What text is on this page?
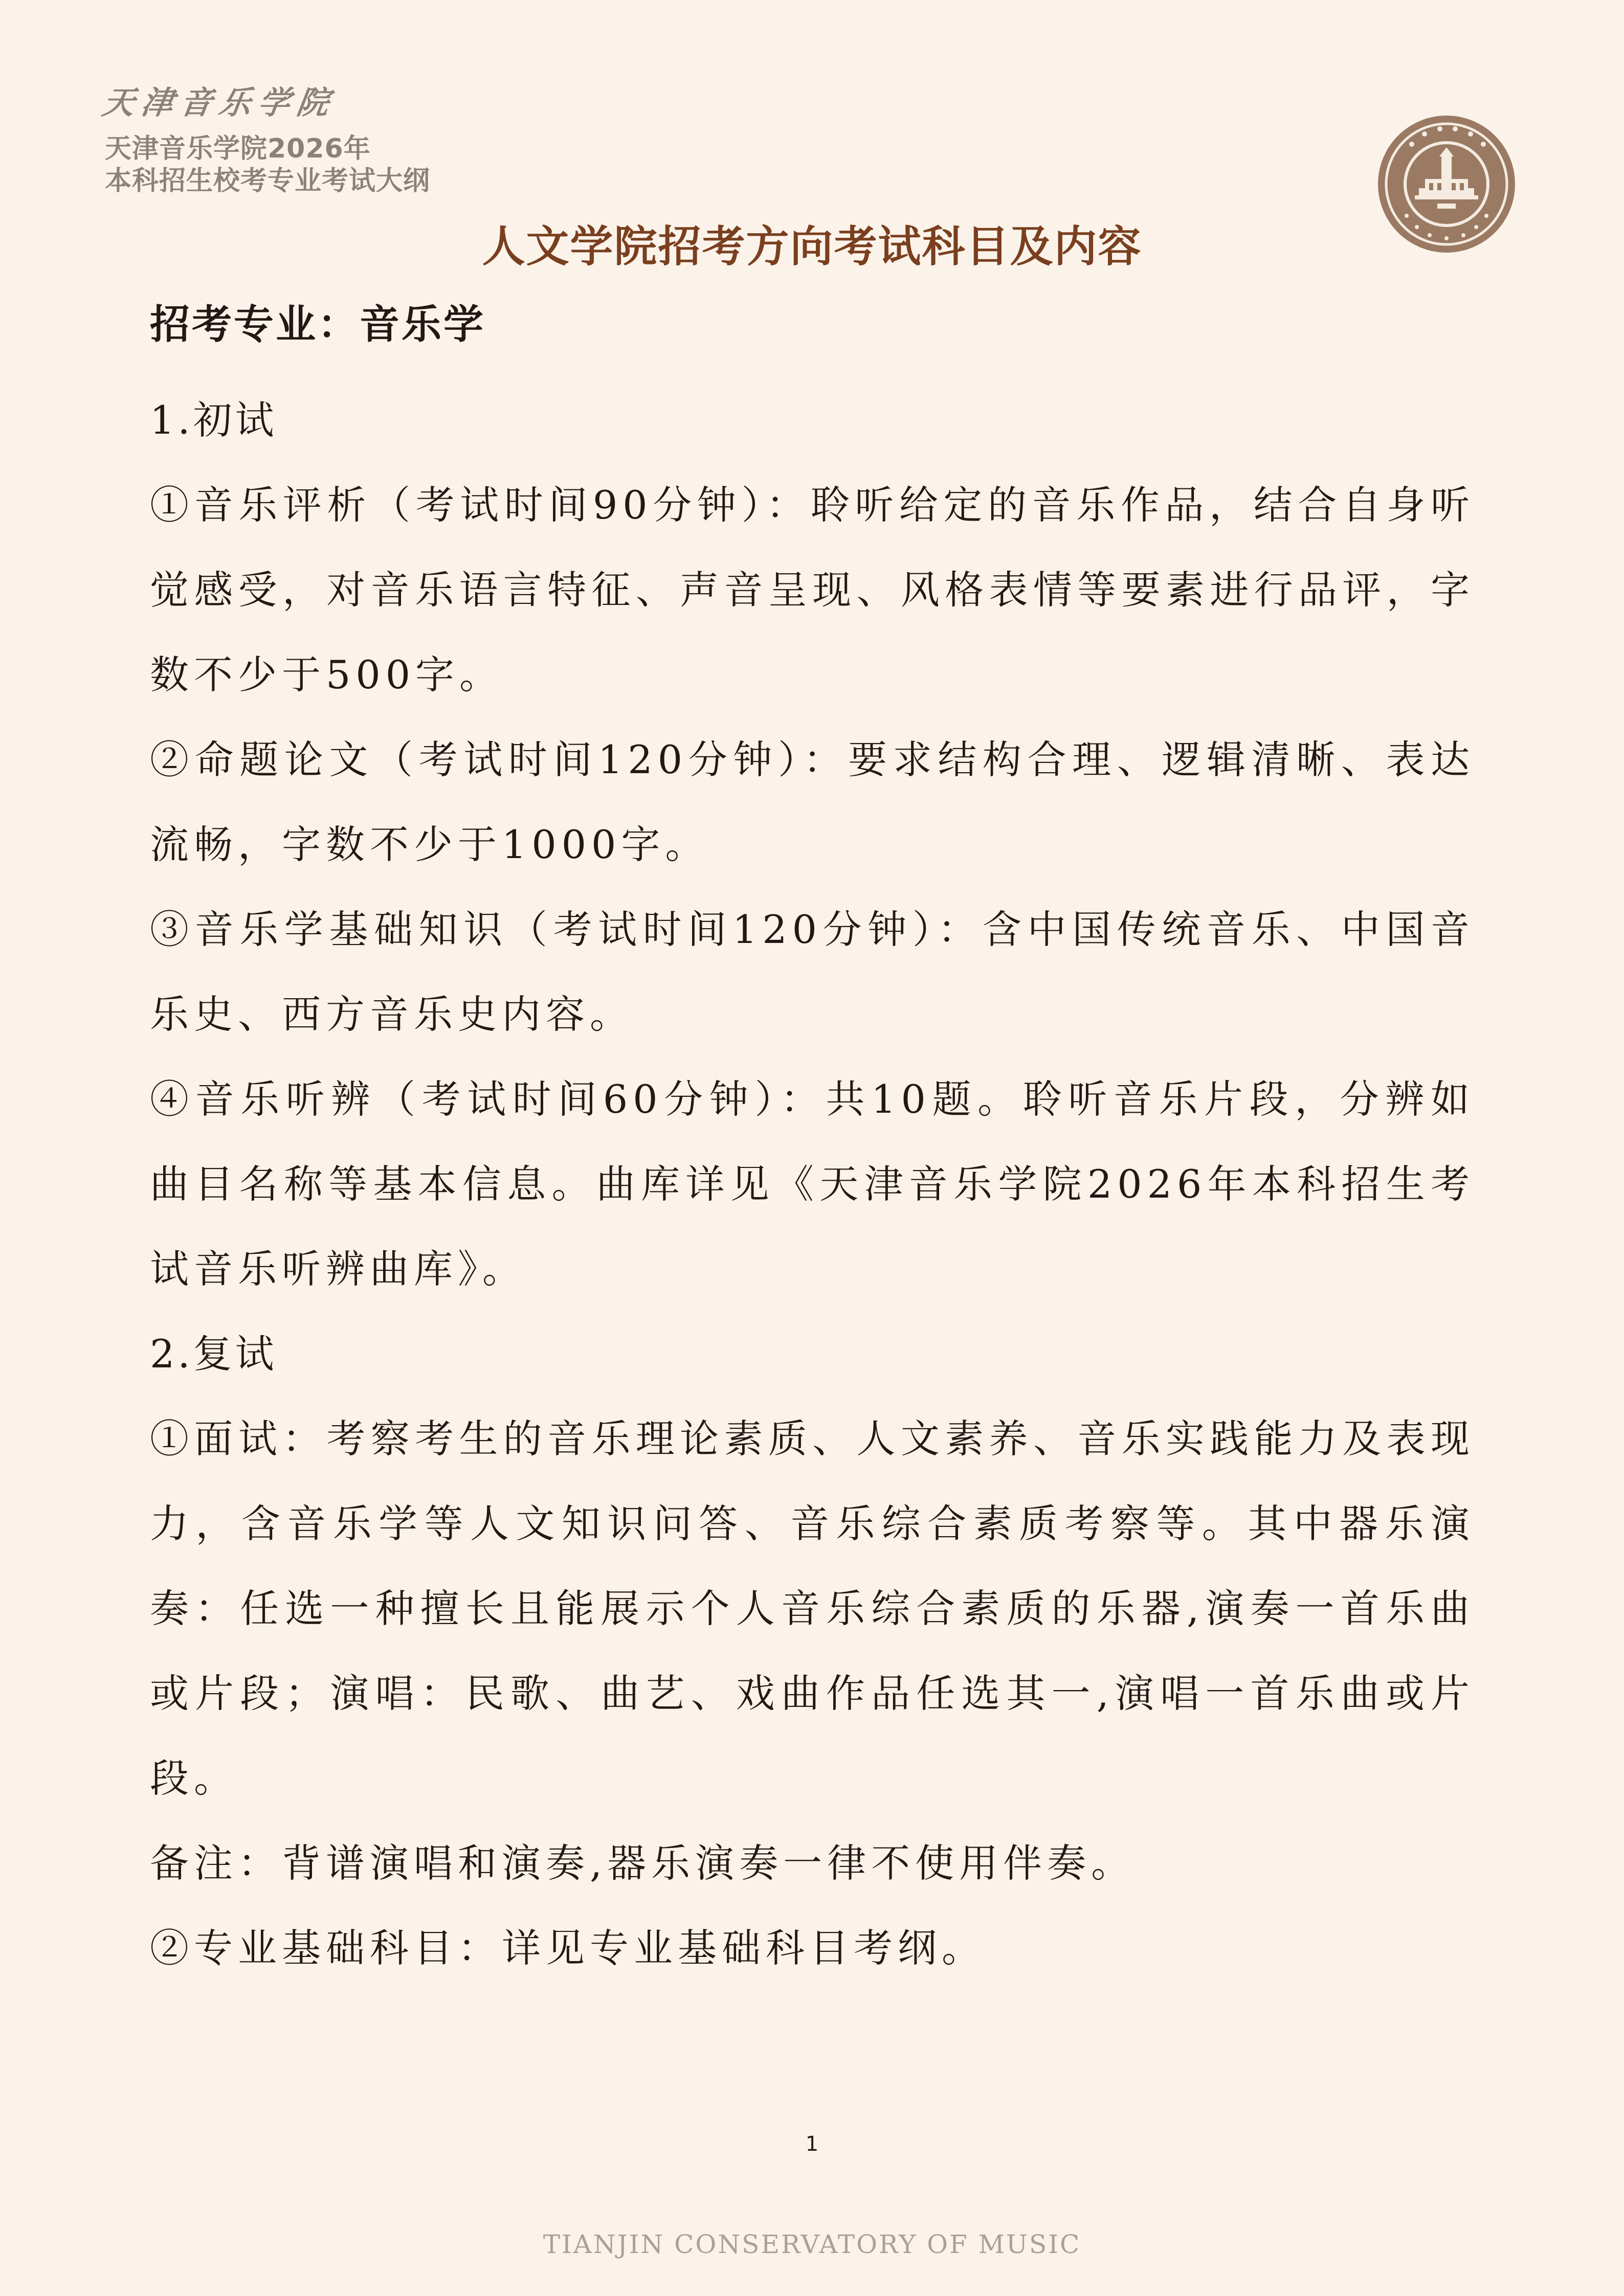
天津音乐学院
天津音乐学院2026年
本科招生校考专业考试大纲
人文学院招考方向考试科目及内容
招考专业：音乐学

1.初试

①音乐评析（考试时间90分钟）：聆听给定的音乐作品，结合自身听觉感受，对音乐语言特征、声音呈现、风格表情等要素进行品评，字数不少于500字。

②命题论文（考试时间120分钟）：要求结构合理、逻辑清晰、表达流畅，字数不少于1000字。

③音乐学基础知识（考试时间120分钟）：含中国传统音乐、中国音乐史、西方音乐史内容。

④音乐听辨（考试时间60分钟）：共10题。聆听音乐片段，分辨如曲目名称等基本信息。曲库详见《天津音乐学院2026年本科招生考试音乐听辨曲库》。

2.复试

①面试：考察考生的音乐理论素质、人文素养、音乐实践能力及表现力，含音乐学等人文知识问答、音乐综合素质考察等。其中器乐演奏：任选一种擅长且能展示个人音乐综合素质的乐器,演奏一首乐曲或片段；演唱：民歌、曲艺、戏曲作品任选其一,演唱一首乐曲或片段。

备注：背谱演唱和演奏,器乐演奏一律不使用伴奏。

②专业基础科目：详见专业基础科目考纲。

1
TIANJIN CONSERVATORY OF MUSIC
